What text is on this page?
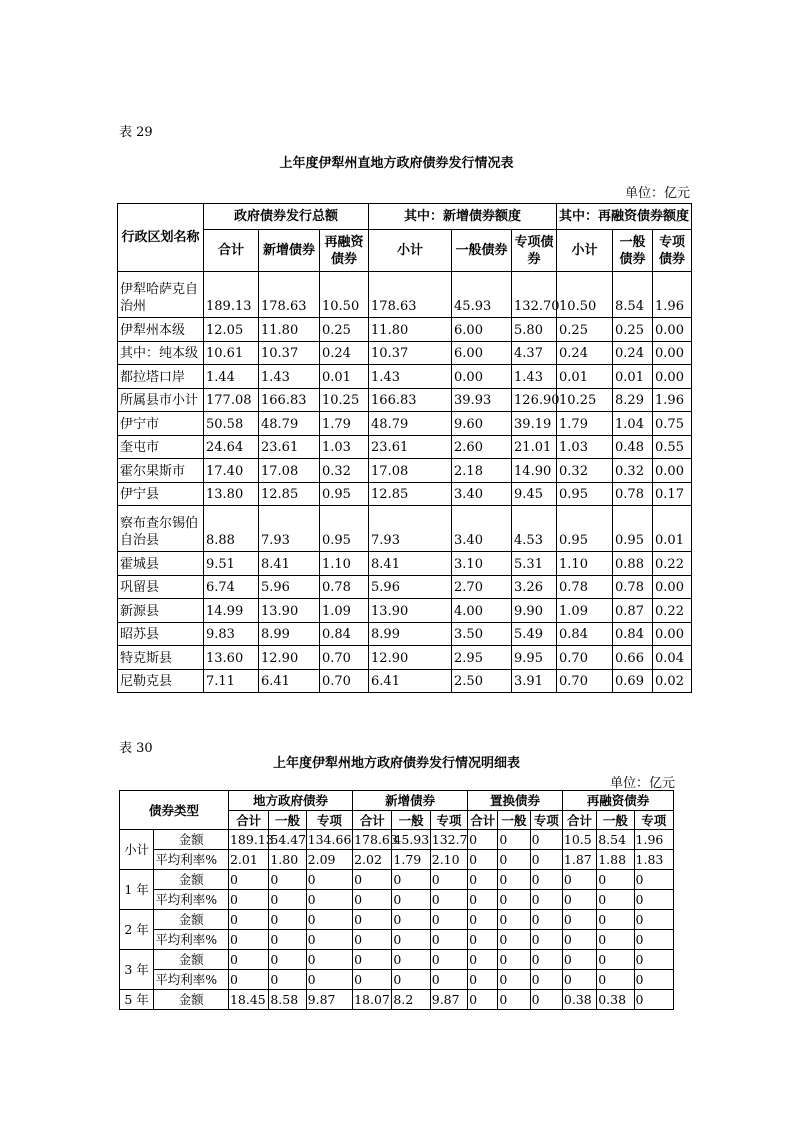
表 29
上年度伊犁州直地方政府债券发行情况表
单位：亿元
行政区划名称	政府债券发行总额			其中：新增债券额度			其中：再融资债券额度		
	合计	新增债券	再融资债券	小计	一般债券	专项债券	小计	一般债券	专项债券
伊犁哈萨克自治州	189.13	178.63	10.50	178.63	45.93	132.70	10.50	8.54	1.96
伊犁州本级	12.05	11.80	0.25	11.80	6.00	5.80	0.25	0.25	0.00
其中：纯本级	10.61	10.37	0.24	10.37	6.00	4.37	0.24	0.24	0.00
都拉塔口岸	1.44	1.43	0.01	1.43	0.00	1.43	0.01	0.01	0.00
所属县市小计	177.08	166.83	10.25	166.83	39.93	126.90	10.25	8.29	1.96
伊宁市	50.58	48.79	1.79	48.79	9.60	39.19	1.79	1.04	0.75
奎屯市	24.64	23.61	1.03	23.61	2.60	21.01	1.03	0.48	0.55
霍尔果斯市	17.40	17.08	0.32	17.08	2.18	14.90	0.32	0.32	0.00
伊宁县	13.80	12.85	0.95	12.85	3.40	9.45	0.95	0.78	0.17
察布查尔锡伯自治县	8.88	7.93	0.95	7.93	3.40	4.53	0.95	0.95	0.01
霍城县	9.51	8.41	1.10	8.41	3.10	5.31	1.10	0.88	0.22
巩留县	6.74	5.96	0.78	5.96	2.70	3.26	0.78	0.78	0.00
新源县	14.99	13.90	1.09	13.90	4.00	9.90	1.09	0.87	0.22
昭苏县	9.83	8.99	0.84	8.99	3.50	5.49	0.84	0.84	0.00
特克斯县	13.60	12.90	0.70	12.90	2.95	9.95	0.70	0.66	0.04
尼勒克县	7.11	6.41	0.70	6.41	2.50	3.91	0.70	0.69	0.02
表 30
上年度伊犁州地方政府债券发行情况明细表
单位：亿元
债券类型		地方政府债券			新增债券			置换债券			再融资债券		
		合计	一般	专项	合计	一般	专项	合计	一般	专项	合计	一般	专项
小计	金额	189.13	54.47	134.66	178.63	45.93	132.7	0	0	0	10.5	8.54	1.96
	平均利率%	2.01	1.80	2.09	2.02	1.79	2.10	0	0	0	1.87	1.88	1.83
1 年	金额	0	0	0	0	0	0	0	0	0	0	0	0
	平均利率%	0	0	0	0	0	0	0	0	0	0	0	0
2 年	金额	0	0	0	0	0	0	0	0	0	0	0	0
	平均利率%	0	0	0	0	0	0	0	0	0	0	0	0
3 年	金额	0	0	0	0	0	0	0	0	0	0	0	0
	平均利率%	0	0	0	0	0	0	0	0	0	0	0	0
5 年	金额	18.45	8.58	9.87	18.07	8.2	9.87	0	0	0	0.38	0.38	0
